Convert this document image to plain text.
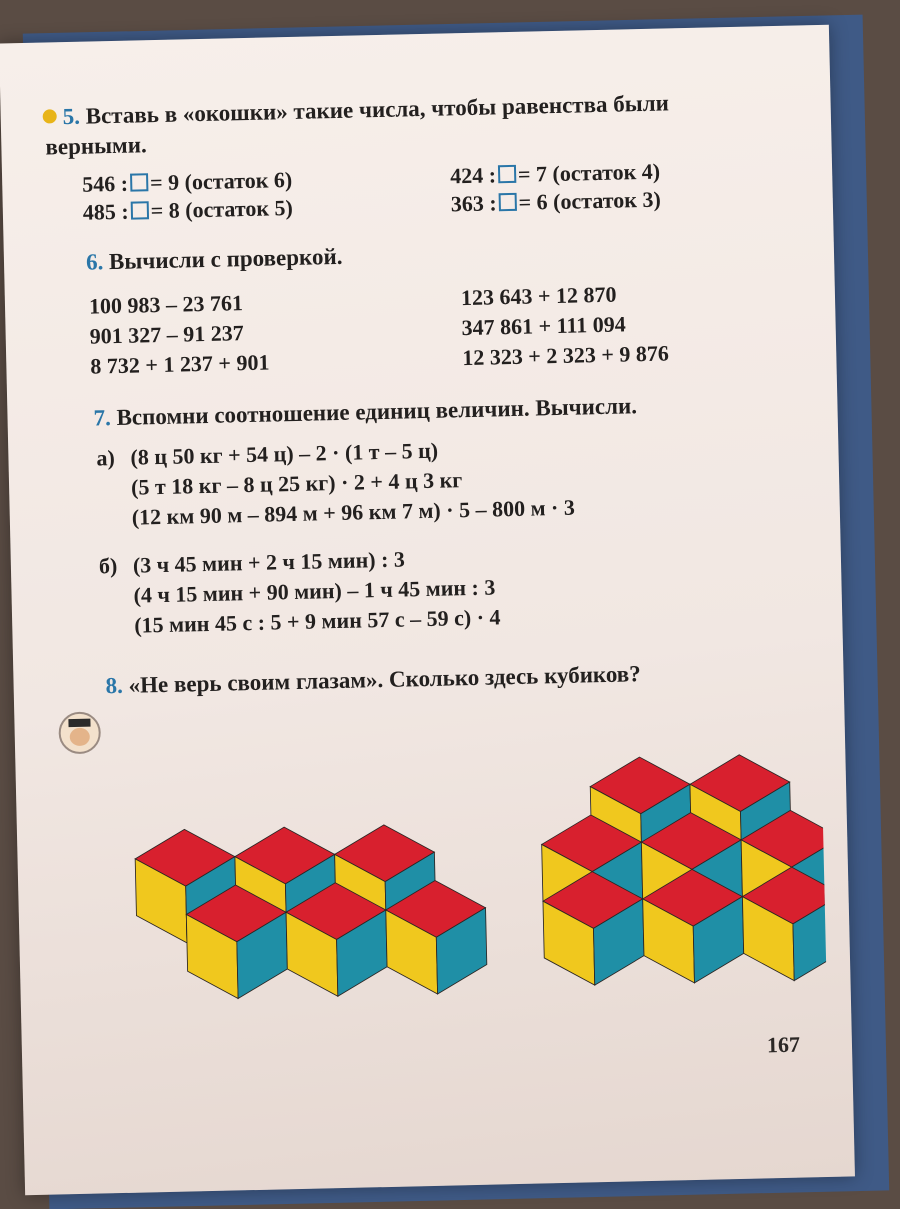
5. Вставь в «окошки» такие числа, чтобы равенства были
верными.
546 : = 9 (остаток 6)	424 : = 7 (остаток 4)
485 : = 8 (остаток 5)	363 : = 6 (остаток 3)
6. Вычисли с проверкой.
100 983 – 23 761
901 327 – 91 237
8 732 + 1 237 + 901
123 643 + 12 870
347 861 + 111 094
12 323 + 2 323 + 9 876
7. Вспомни соотношение единиц величин. Вычисли.
а) (8 ц 50 кг + 54 ц) – 2 · (1 т – 5 ц)
(5 т 18 кг – 8 ц 25 кг) · 2 + 4 ц 3 кг
(12 км 90 м – 894 м + 96 км 7 м) · 5 – 800 м · 3
б) (3 ч 45 мин + 2 ч 15 мин) : 3
(4 ч 15 мин + 90 мин) – 1 ч 45 мин : 3
(15 мин 45 с : 5 + 9 мин 57 с – 59 с) · 4
8. «Не верь своим глазам». Сколько здесь кубиков?
167
